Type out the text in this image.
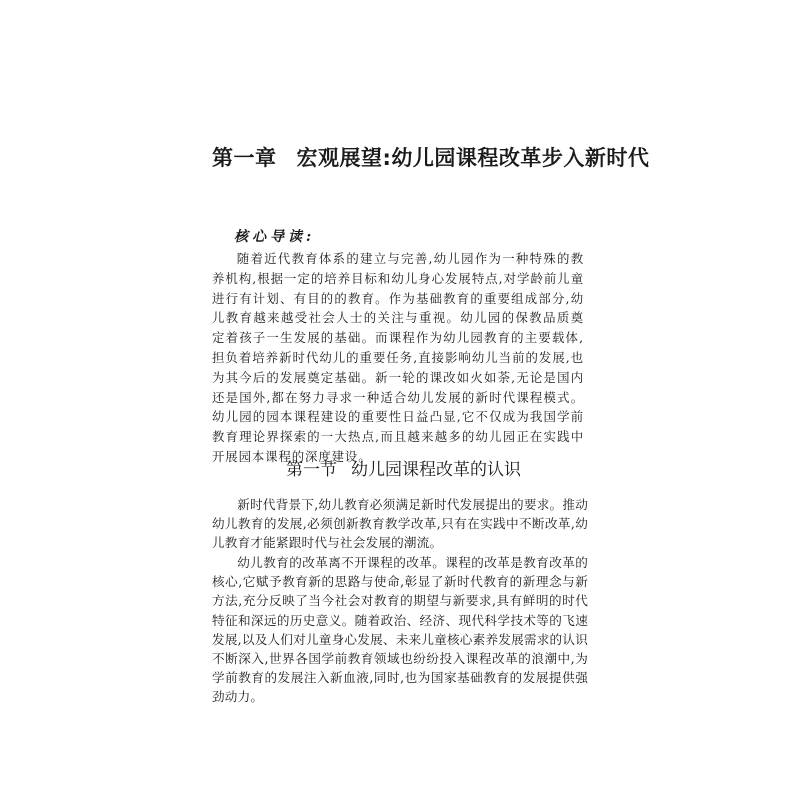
第一章 宏观展望:幼儿园课程改革步入新时代
核心导读:

随着近代教育体系的建立与完善,幼儿园作为一种特殊的教养机构,根据一定的培养目标和幼儿身心发展特点,对学龄前儿童进行有计划、有目的的教育。作为基础教育的重要组成部分,幼儿教育越来越受社会人士的关注与重视。幼儿园的保教品质奠定着孩子一生发展的基础。而课程作为幼儿园教育的主要载体,担负着培养新时代幼儿的重要任务,直接影响幼儿当前的发展,也为其今后的发展奠定基础。新一轮的课改如火如荼,无论是国内还是国外,都在努力寻求一种适合幼儿发展的新时代课程模式。幼儿园的园本课程建设的重要性日益凸显,它不仅成为我国学前教育理论界探索的一大热点,而且越来越多的幼儿园正在实践中开展园本课程的深度建设。

第一节 幼儿园课程改革的认识

新时代背景下,幼儿教育必须满足新时代发展提出的要求。推动幼儿教育的发展,必须创新教育教学改革,只有在实践中不断改革,幼儿教育才能紧跟时代与社会发展的潮流。

幼儿教育的改革离不开课程的改革。课程的改革是教育改革的核心,它赋予教育新的思路与使命,彰显了新时代教育的新理念与新方法,充分反映了当今社会对教育的期望与新要求,具有鲜明的时代特征和深远的历史意义。随着政治、经济、现代科学技术等的飞速发展,以及人们对儿童身心发展、未来儿童核心素养发展需求的认识不断深入,世界各国学前教育领域也纷纷投入课程改革的浪潮中,为学前教育的发展注入新血液,同时,也为国家基础教育的发展提供强劲动力。
